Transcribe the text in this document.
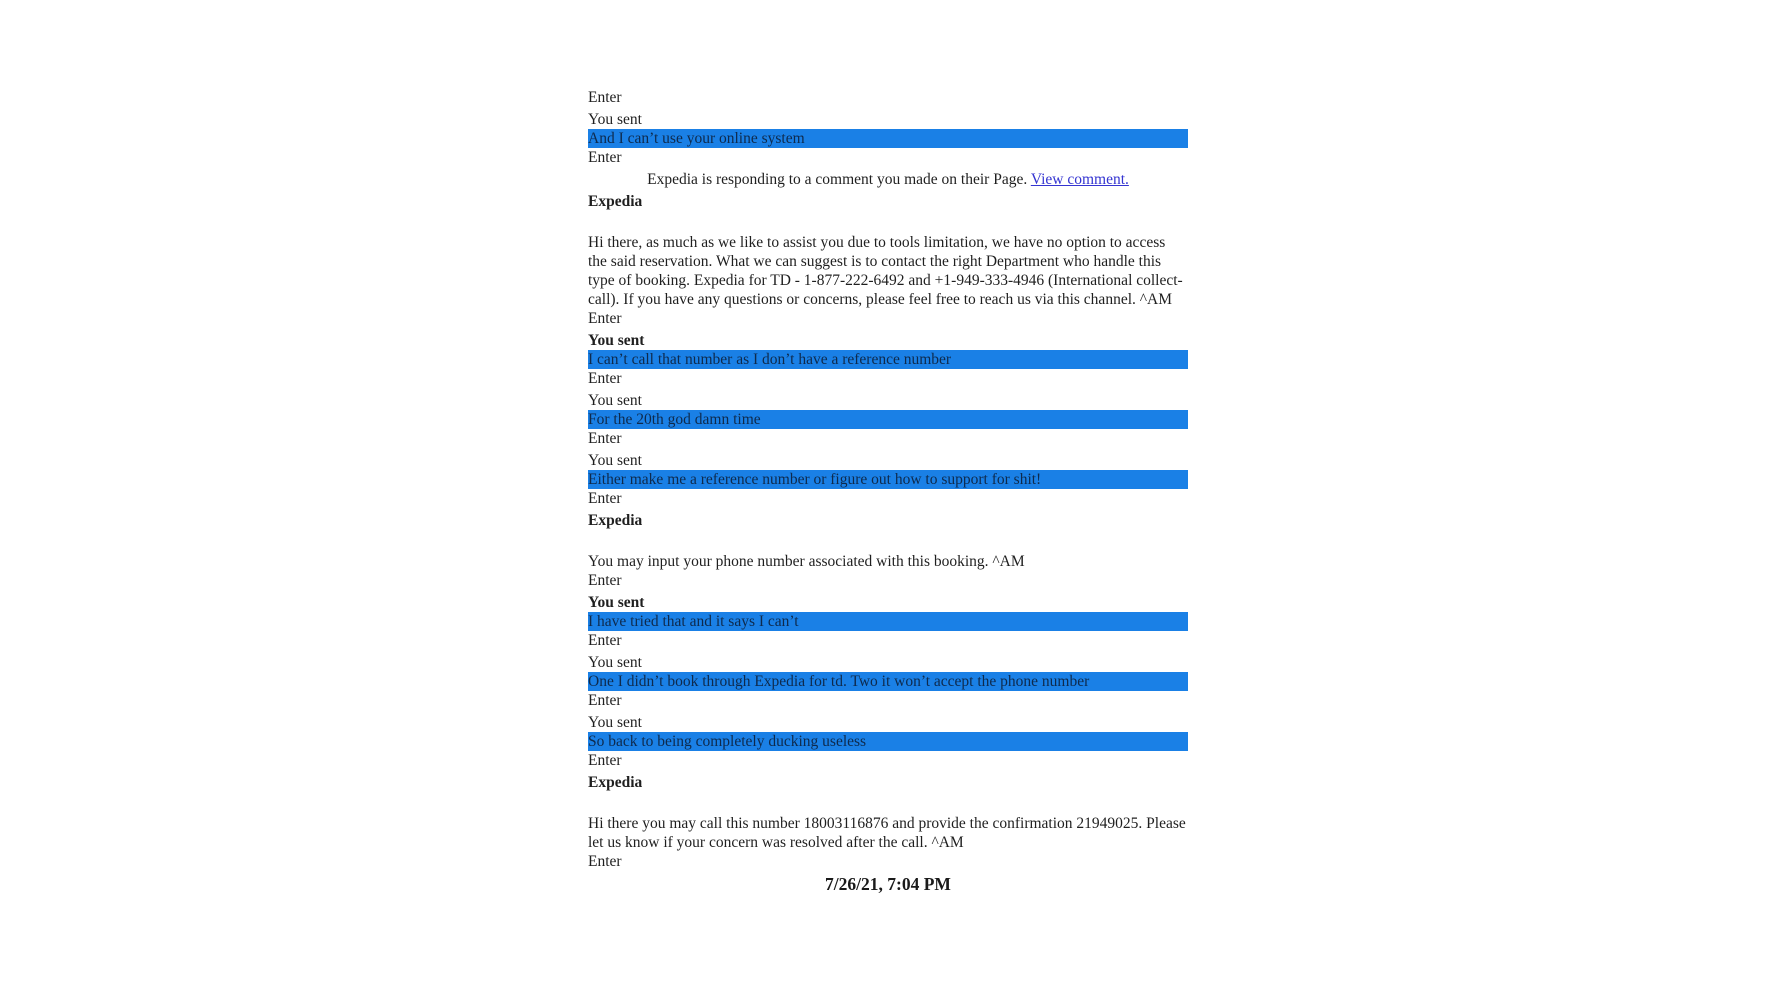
Enter
You sent
And I can’t use your online system
Enter
Expedia is responding to a comment you made on their Page. View comment.
Expedia
Hi there, as much as we like to assist you due to tools limitation, we have no option to access the said reservation. What we can suggest is to contact the right Department who handle this type of booking. Expedia for TD - 1-877-222-6492 and +1-949-333-4946 (International collect-call). If you have any questions or concerns, please feel free to reach us via this channel. ^AM
Enter
You sent
I can’t call that number as I don’t have a reference number
Enter
You sent
For the 20th god damn time
Enter
You sent
Either make me a reference number or figure out how to support for shit!
Enter
Expedia
You may input your phone number associated with this booking. ^AM
Enter
You sent
I have tried that and it says I can’t
Enter
You sent
One I didn’t book through Expedia for td. Two it won’t accept the phone number
Enter
You sent
So back to being completely ducking useless
Enter
Expedia
Hi there you may call this number 18003116876 and provide the confirmation 21949025. Please let us know if your concern was resolved after the call. ^AM
Enter
7/26/21, 7:04 PM
